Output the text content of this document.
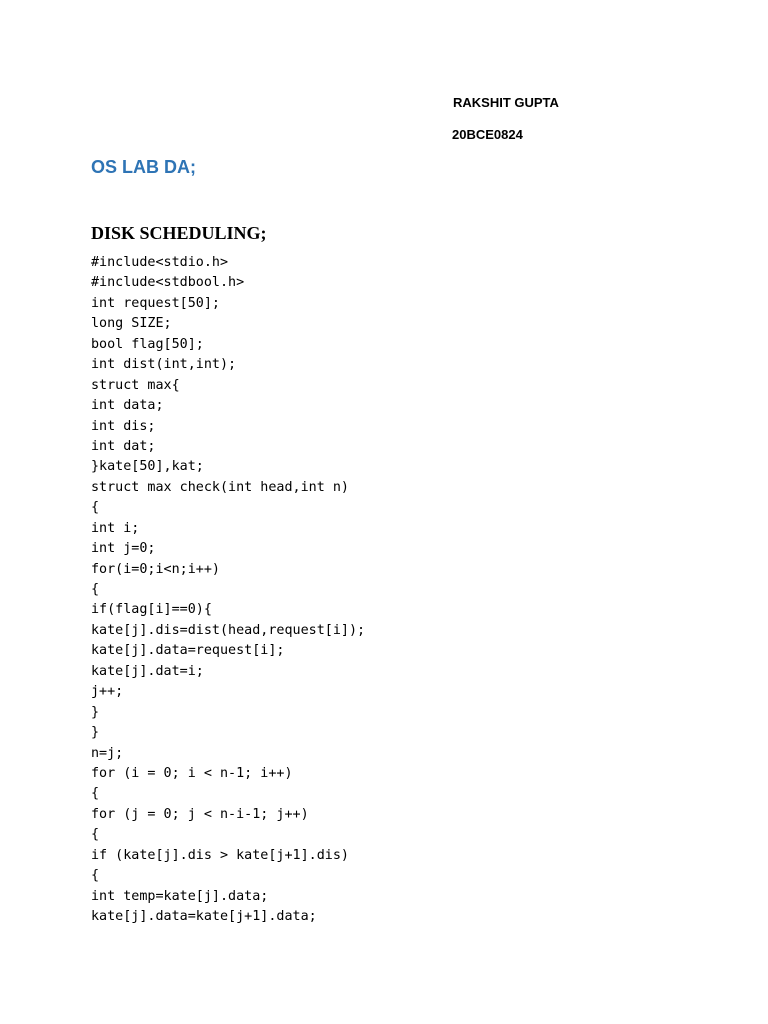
RAKSHIT GUPTA
20BCE0824
OS LAB DA;
DISK SCHEDULING;
#include<stdio.h>
#include<stdbool.h>
int request[50];
long SIZE;
bool flag[50];
int dist(int,int);
struct max{
int data;
int dis;
int dat;
}kate[50],kat;
struct max check(int head,int n)
{
int i;
int j=0;
for(i=0;i<n;i++)
{
if(flag[i]==0){
kate[j].dis=dist(head,request[i]);
kate[j].data=request[i];
kate[j].dat=i;
j++;
}
}
n=j;
for (i = 0; i < n-1; i++)
{
for (j = 0; j < n-i-1; j++)
{
if (kate[j].dis > kate[j+1].dis)
{
int temp=kate[j].data;
kate[j].data=kate[j+1].data;
